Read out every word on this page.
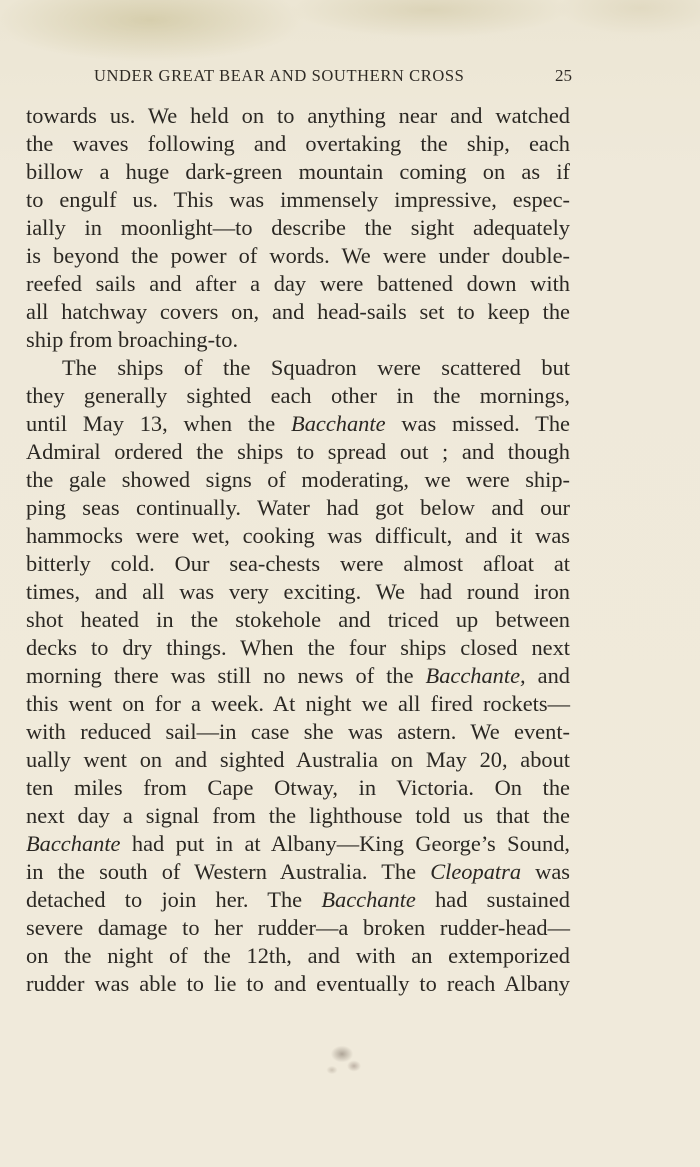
UNDER GREAT BEAR AND SOUTHERN CROSS	25
towards us. We held on to anything near and watched
the waves following and overtaking the ship, each
billow a huge dark-green mountain coming on as if
to engulf us. This was immensely impressive, espec-
ially in moonlight—to describe the sight adequately
is beyond the power of words. We were under double-
reefed sails and after a day were battened down with
all hatchway covers on, and head-sails set to keep the
ship from broaching-to.
The ships of the Squadron were scattered but
they generally sighted each other in the mornings,
until May 13, when the Bacchante was missed. The
Admiral ordered the ships to spread out ; and though
the gale showed signs of moderating, we were ship-
ping seas continually. Water had got below and our
hammocks were wet, cooking was difficult, and it was
bitterly cold. Our sea-chests were almost afloat at
times, and all was very exciting. We had round iron
shot heated in the stokehole and triced up between
decks to dry things. When the four ships closed next
morning there was still no news of the Bacchante, and
this went on for a week. At night we all fired rockets—
with reduced sail—in case she was astern. We event-
ually went on and sighted Australia on May 20, about
ten miles from Cape Otway, in Victoria. On the
next day a signal from the lighthouse told us that the
Bacchante had put in at Albany—King George’s Sound,
in the south of Western Australia. The Cleopatra was
detached to join her. The Bacchante had sustained
severe damage to her rudder—a broken rudder-head—
on the night of the 12th, and with an extemporized
rudder was able to lie to and eventually to reach Albany
